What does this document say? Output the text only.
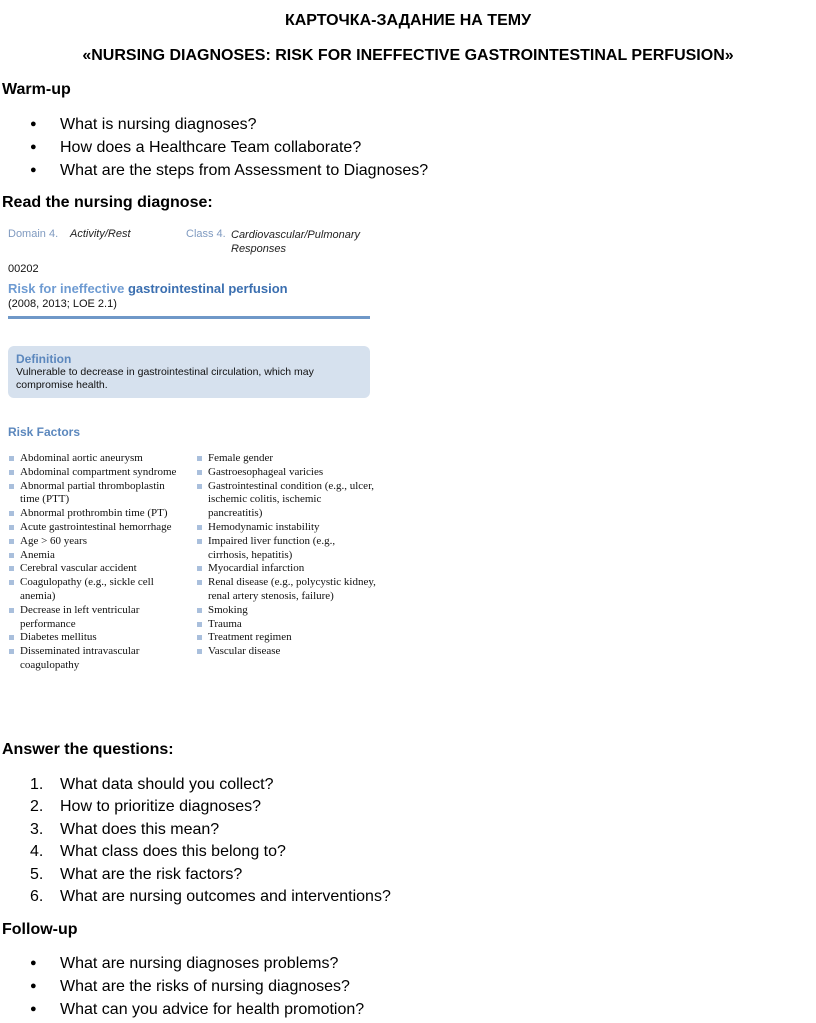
КАРТОЧКА-ЗАДАНИЕ НА ТЕМУ
«NURSING DIAGNOSES: RISK FOR INEFFECTIVE GASTROINTESTINAL PERFUSION»
Warm-up
● What is nursing diagnoses?
● How does a Healthcare Team collaborate?
● What are the steps from Assessment to Diagnoses?
Read the nursing diagnose:
Domain 4. Activity/Rest	Class 4. Cardiovascular/Pulmonary Responses
00202
Risk for ineffective gastrointestinal perfusion
(2008, 2013; LOE 2.1)
Definition
Vulnerable to decrease in gastrointestinal circulation, which may compromise health.
Risk Factors
Abdominal aortic aneurysm
Abdominal compartment syndrome
Abnormal partial thromboplastin time (PTT)
Abnormal prothrombin time (PT)
Acute gastrointestinal hemorrhage
Age > 60 years
Anemia
Cerebral vascular accident
Coagulopathy (e.g., sickle cell anemia)
Decrease in left ventricular performance
Diabetes mellitus
Disseminated intravascular coagulopathy
Female gender
Gastroesophageal varicies
Gastrointestinal condition (e.g., ulcer, ischemic colitis, ischemic pancreatitis)
Hemodynamic instability
Impaired liver function (e.g., cirrhosis, hepatitis)
Myocardial infarction
Renal disease (e.g., polycystic kidney, renal artery stenosis, failure)
Smoking
Trauma
Treatment regimen
Vascular disease
Answer the questions:
1. What data should you collect?
2. How to prioritize diagnoses?
3. What does this mean?
4. What class does this belong to?
5. What are the risk factors?
6. What are nursing outcomes and interventions?
Follow-up
● What are nursing diagnoses problems?
● What are the risks of nursing diagnoses?
● What can you advice for health promotion?
